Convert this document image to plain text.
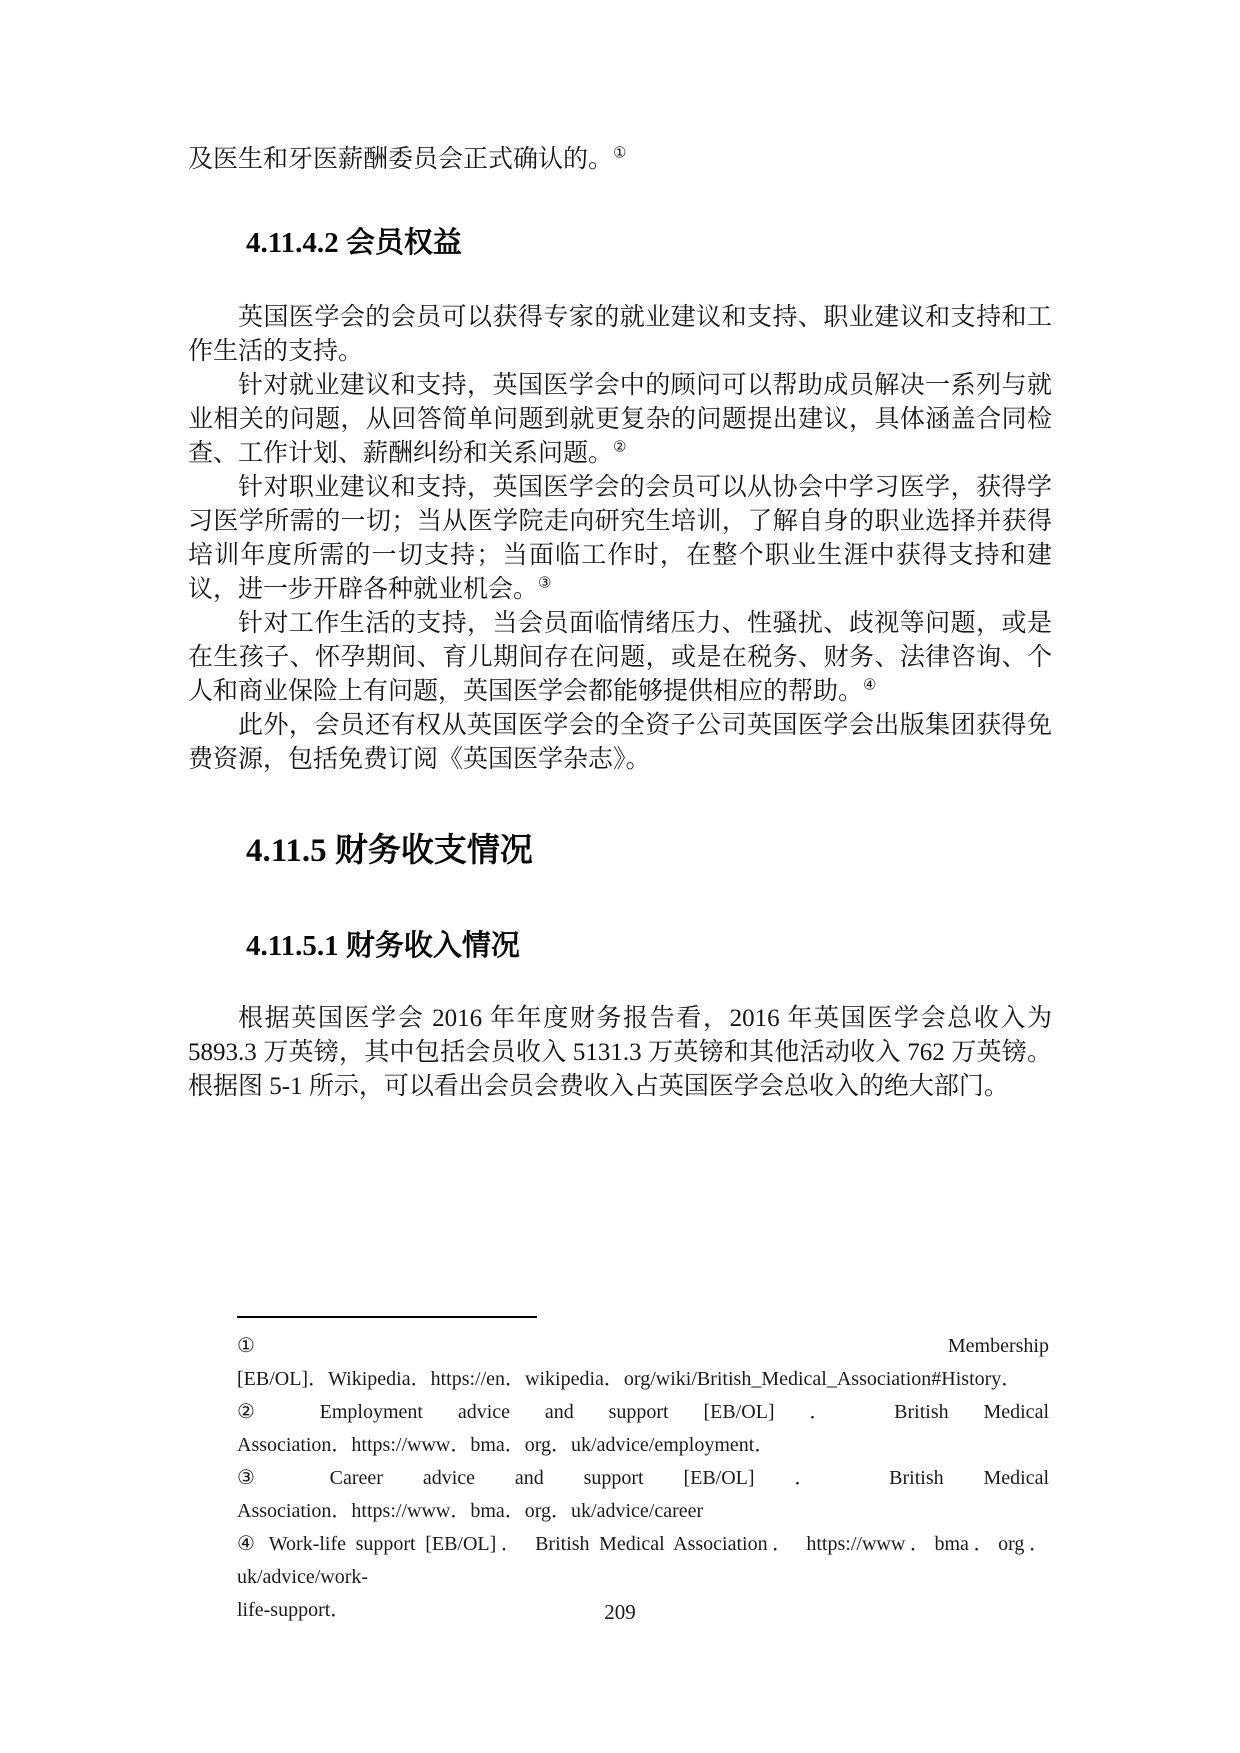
及医生和牙医薪酬委员会正式确认的。①

4.11.4.2 会员权益

英国医学会的会员可以获得专家的就业建议和支持、职业建议和支持和工作生活的支持。

针对就业建议和支持，英国医学会中的顾问可以帮助成员解决一系列与就业相关的问题，从回答简单问题到就更复杂的问题提出建议，具体涵盖合同检查、工作计划、薪酬纠纷和关系问题。②

针对职业建议和支持，英国医学会的会员可以从协会中学习医学，获得学习医学所需的一切；当从医学院走向研究生培训，了解自身的职业选择并获得培训年度所需的一切支持；当面临工作时，在整个职业生涯中获得支持和建议，进一步开辟各种就业机会。③

针对工作生活的支持，当会员面临情绪压力、性骚扰、歧视等问题，或是在生孩子、怀孕期间、育儿期间存在问题，或是在税务、财务、法律咨询、个人和商业保险上有问题，英国医学会都能够提供相应的帮助。④

此外，会员还有权从英国医学会的全资子公司英国医学会出版集团获得免费资源，包括免费订阅《英国医学杂志》。

4.11.5 财务收支情况
4.11.5.1 财务收入情况

根据英国医学会 2016 年年度财务报告看，2016 年英国医学会总收入为 5893.3 万英镑，其中包括会员收入 5131.3 万英镑和其他活动收入 762 万英镑。根据图 5-1 所示，可以看出会员会费收入占英国医学会总收入的绝大部门。

① Membership
[EB/OL]．Wikipedia．https://en．wikipedia．org/wiki/British_Medical_Association#History．
② Employment advice and support [EB/OL] ． British Medical
Association．https://www．bma．org．uk/advice/employment．
③ Career advice and support [EB/OL] ． British Medical
Association．https://www．bma．org．uk/advice/career
④ Work-life support [EB/OL]． British Medical Association． https://www．bma．org．uk/advice/work-
life-support．	209
